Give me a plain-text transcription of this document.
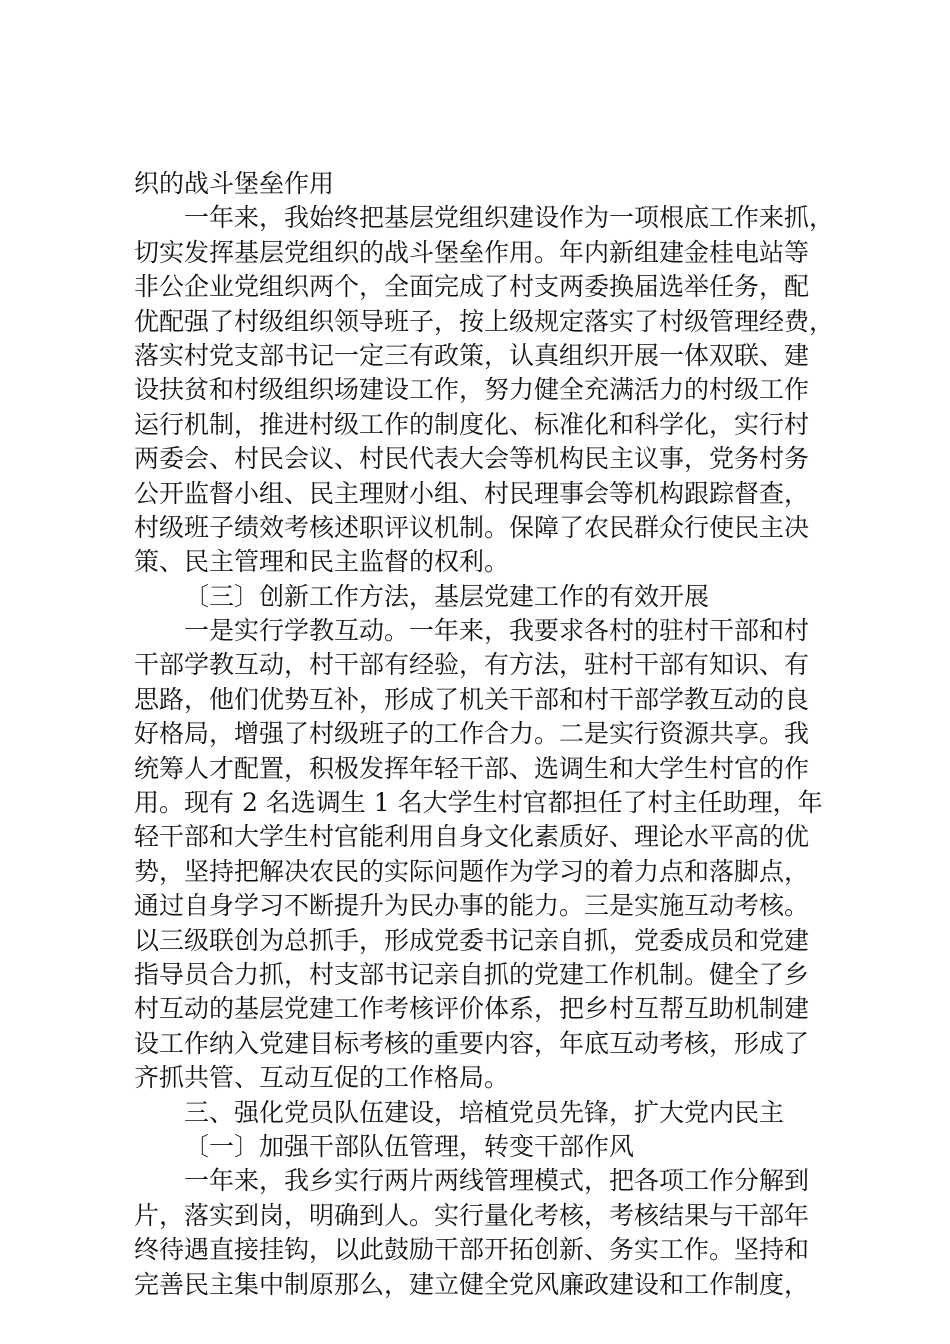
织的战斗堡垒作用
一年来，我始终把基层党组织建设作为一项根底工作来抓，
切实发挥基层党组织的战斗堡垒作用。年内新组建金桂电站等
非公企业党组织两个，全面完成了村支两委换届选举任务，配
优配强了村级组织领导班子，按上级规定落实了村级管理经费，
落实村党支部书记一定三有政策，认真组织开展一体双联、建
设扶贫和村级组织场建设工作，努力健全充满活力的村级工作
运行机制，推进村级工作的制度化、标准化和科学化，实行村
两委会、村民会议、村民代表大会等机构民主议事，党务村务
公开监督小组、民主理财小组、村民理事会等机构跟踪督查，
村级班子绩效考核述职评议机制。保障了农民群众行使民主决
策、民主管理和民主监督的权利。
〔三〕创新工作方法，基层党建工作的有效开展
一是实行学教互动。一年来，我要求各村的驻村干部和村
干部学教互动，村干部有经验，有方法，驻村干部有知识、有
思路，他们优势互补，形成了机关干部和村干部学教互动的良
好格局，增强了村级班子的工作合力。二是实行资源共享。我
统筹人才配置，积极发挥年轻干部、选调生和大学生村官的作
用。现有 2 名选调生 1 名大学生村官都担任了村主任助理，年
轻干部和大学生村官能利用自身文化素质好、理论水平高的优
势，坚持把解决农民的实际问题作为学习的着力点和落脚点，
通过自身学习不断提升为民办事的能力。三是实施互动考核。
以三级联创为总抓手，形成党委书记亲自抓，党委成员和党建
指导员合力抓，村支部书记亲自抓的党建工作机制。健全了乡
村互动的基层党建工作考核评价体系，把乡村互帮互助机制建
设工作纳入党建目标考核的重要内容，年底互动考核，形成了
齐抓共管、互动互促的工作格局。
三、强化党员队伍建设，培植党员先锋，扩大党内民主
〔一〕加强干部队伍管理，转变干部作风
一年来，我乡实行两片两线管理模式，把各项工作分解到
片，落实到岗，明确到人。实行量化考核，考核结果与干部年
终待遇直接挂钩，以此鼓励干部开拓创新、务实工作。坚持和
完善民主集中制原那么，建立健全党风廉政建设和工作制度，
